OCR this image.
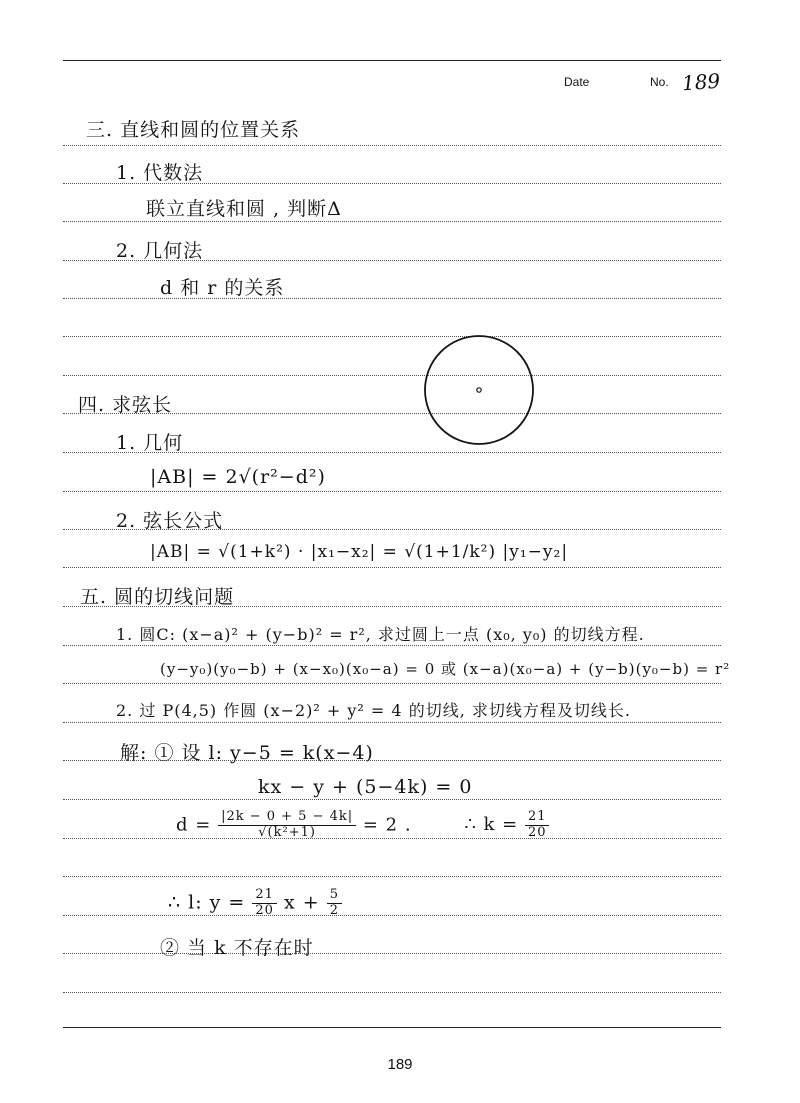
Date	No. 189
三. 直线和圆的位置关系
1. 代数法
联立直线和圆 , 判断Δ
2. 几何法
d 和 r 的关系
四. 求弦长
1. 几何
|AB| = 2√(r²−d²)
2. 弦长公式
|AB| = √(1+k²) · |x₁−x₂| = √(1+1/k²) |y₁−y₂|
五. 圆的切线问题
1. 圆C: (x−a)² + (y−b)² = r², 求过圆上一点 (x₀, y₀) 的切线方程.
(y−y₀)(y₀−b) + (x−x₀)(x₀−a) = 0 或 (x−a)(x₀−a) + (y−b)(y₀−b) = r²
2. 过 P(4,5) 作圆 (x−2)² + y² = 4 的切线, 求切线方程及切线长.
解: ① 设 l: y−5 = k(x−4)
kx − y + (5−4k) = 0
$d = \frac{|2k - 0 + 5 - 4k|}{\text{√(k²+1)}} = 2$ .	∴ $k = \frac{21}{20}$
∴ l: $y = \frac{21}{20}$ $x + \frac{5}{2}$
② 当 k 不存在时
189
